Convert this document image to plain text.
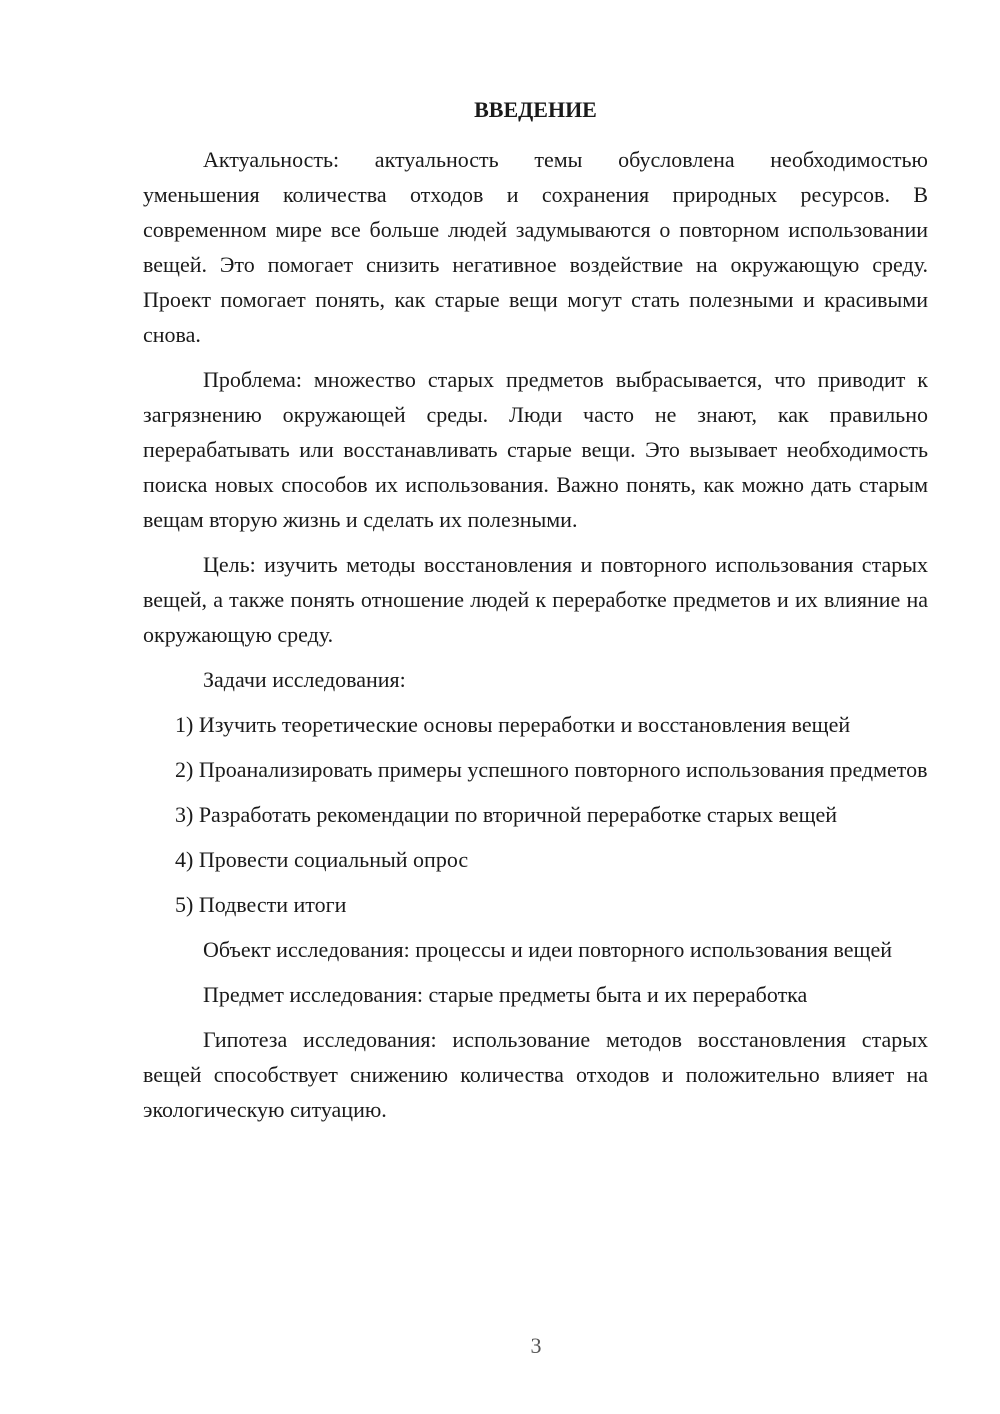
ВВЕДЕНИЕ

Актуальность: актуальность темы обусловлена необходимостью уменьшения количества отходов и сохранения природных ресурсов. В современном мире все больше людей задумываются о повторном использовании вещей. Это помогает снизить негативное воздействие на окружающую среду. Проект помогает понять, как старые вещи могут стать полезными и красивыми снова.

Проблема: множество старых предметов выбрасывается, что приводит к загрязнению окружающей среды. Люди часто не знают, как правильно перерабатывать или восстанавливать старые вещи. Это вызывает необходимость поиска новых способов их использования. Важно понять, как можно дать старым вещам вторую жизнь и сделать их полезными.

Цель: изучить методы восстановления и повторного использования старых вещей, а также понять отношение людей к переработке предметов и их влияние на окружающую среду.

Задачи исследования:

1) Изучить теоретические основы переработки и восстановления вещей

2) Проанализировать примеры успешного повторного использования предметов

3) Разработать рекомендации по вторичной переработке старых вещей

4) Провести социальный опрос

5) Подвести итоги

Объект исследования: процессы и идеи повторного использования вещей

Предмет исследования: старые предметы быта и их переработка

Гипотеза исследования: использование методов восстановления старых вещей способствует снижению количества отходов и положительно влияет на экологическую ситуацию.

3
